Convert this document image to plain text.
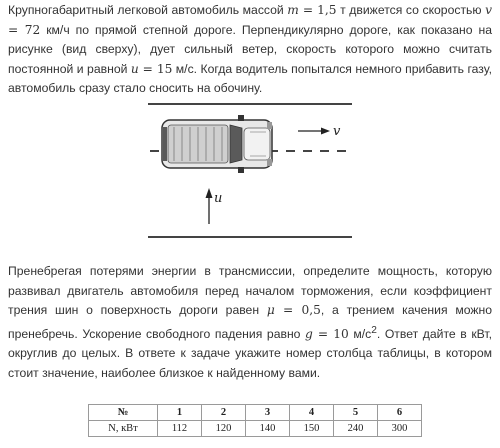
Крупногабаритный легковой автомобиль массой m = 1,5 т движется со скоростью v = 72 км/ч по прямой степной дороге. Перпендикулярно дороге, как показано на рисунке (вид сверху), дует сильный ветер, скорость которого можно считать постоянной и равной u = 15 м/с. Когда водитель попытался немного прибавить газу, автомобиль сразу стало сносить на обочину.
v
u
Пренебрегая потерями энергии в трансмиссии, определите мощность, которую развивал двигатель автомобиля перед началом торможения, если коэффициент трения шин о поверхность дороги равен μ = 0,5, а трением качения можно пренебречь. Ускорение свободного падения равно g = 10 $м/с^2$. Ответ дайте в кВт, округлив до целых. В ответе к задаче укажите номер столбца таблицы, в котором стоит значение, наиболее близкое к найденному вами.
№	1	2	3	4	5	6
N, кВт	112	120	140	150	240	300
